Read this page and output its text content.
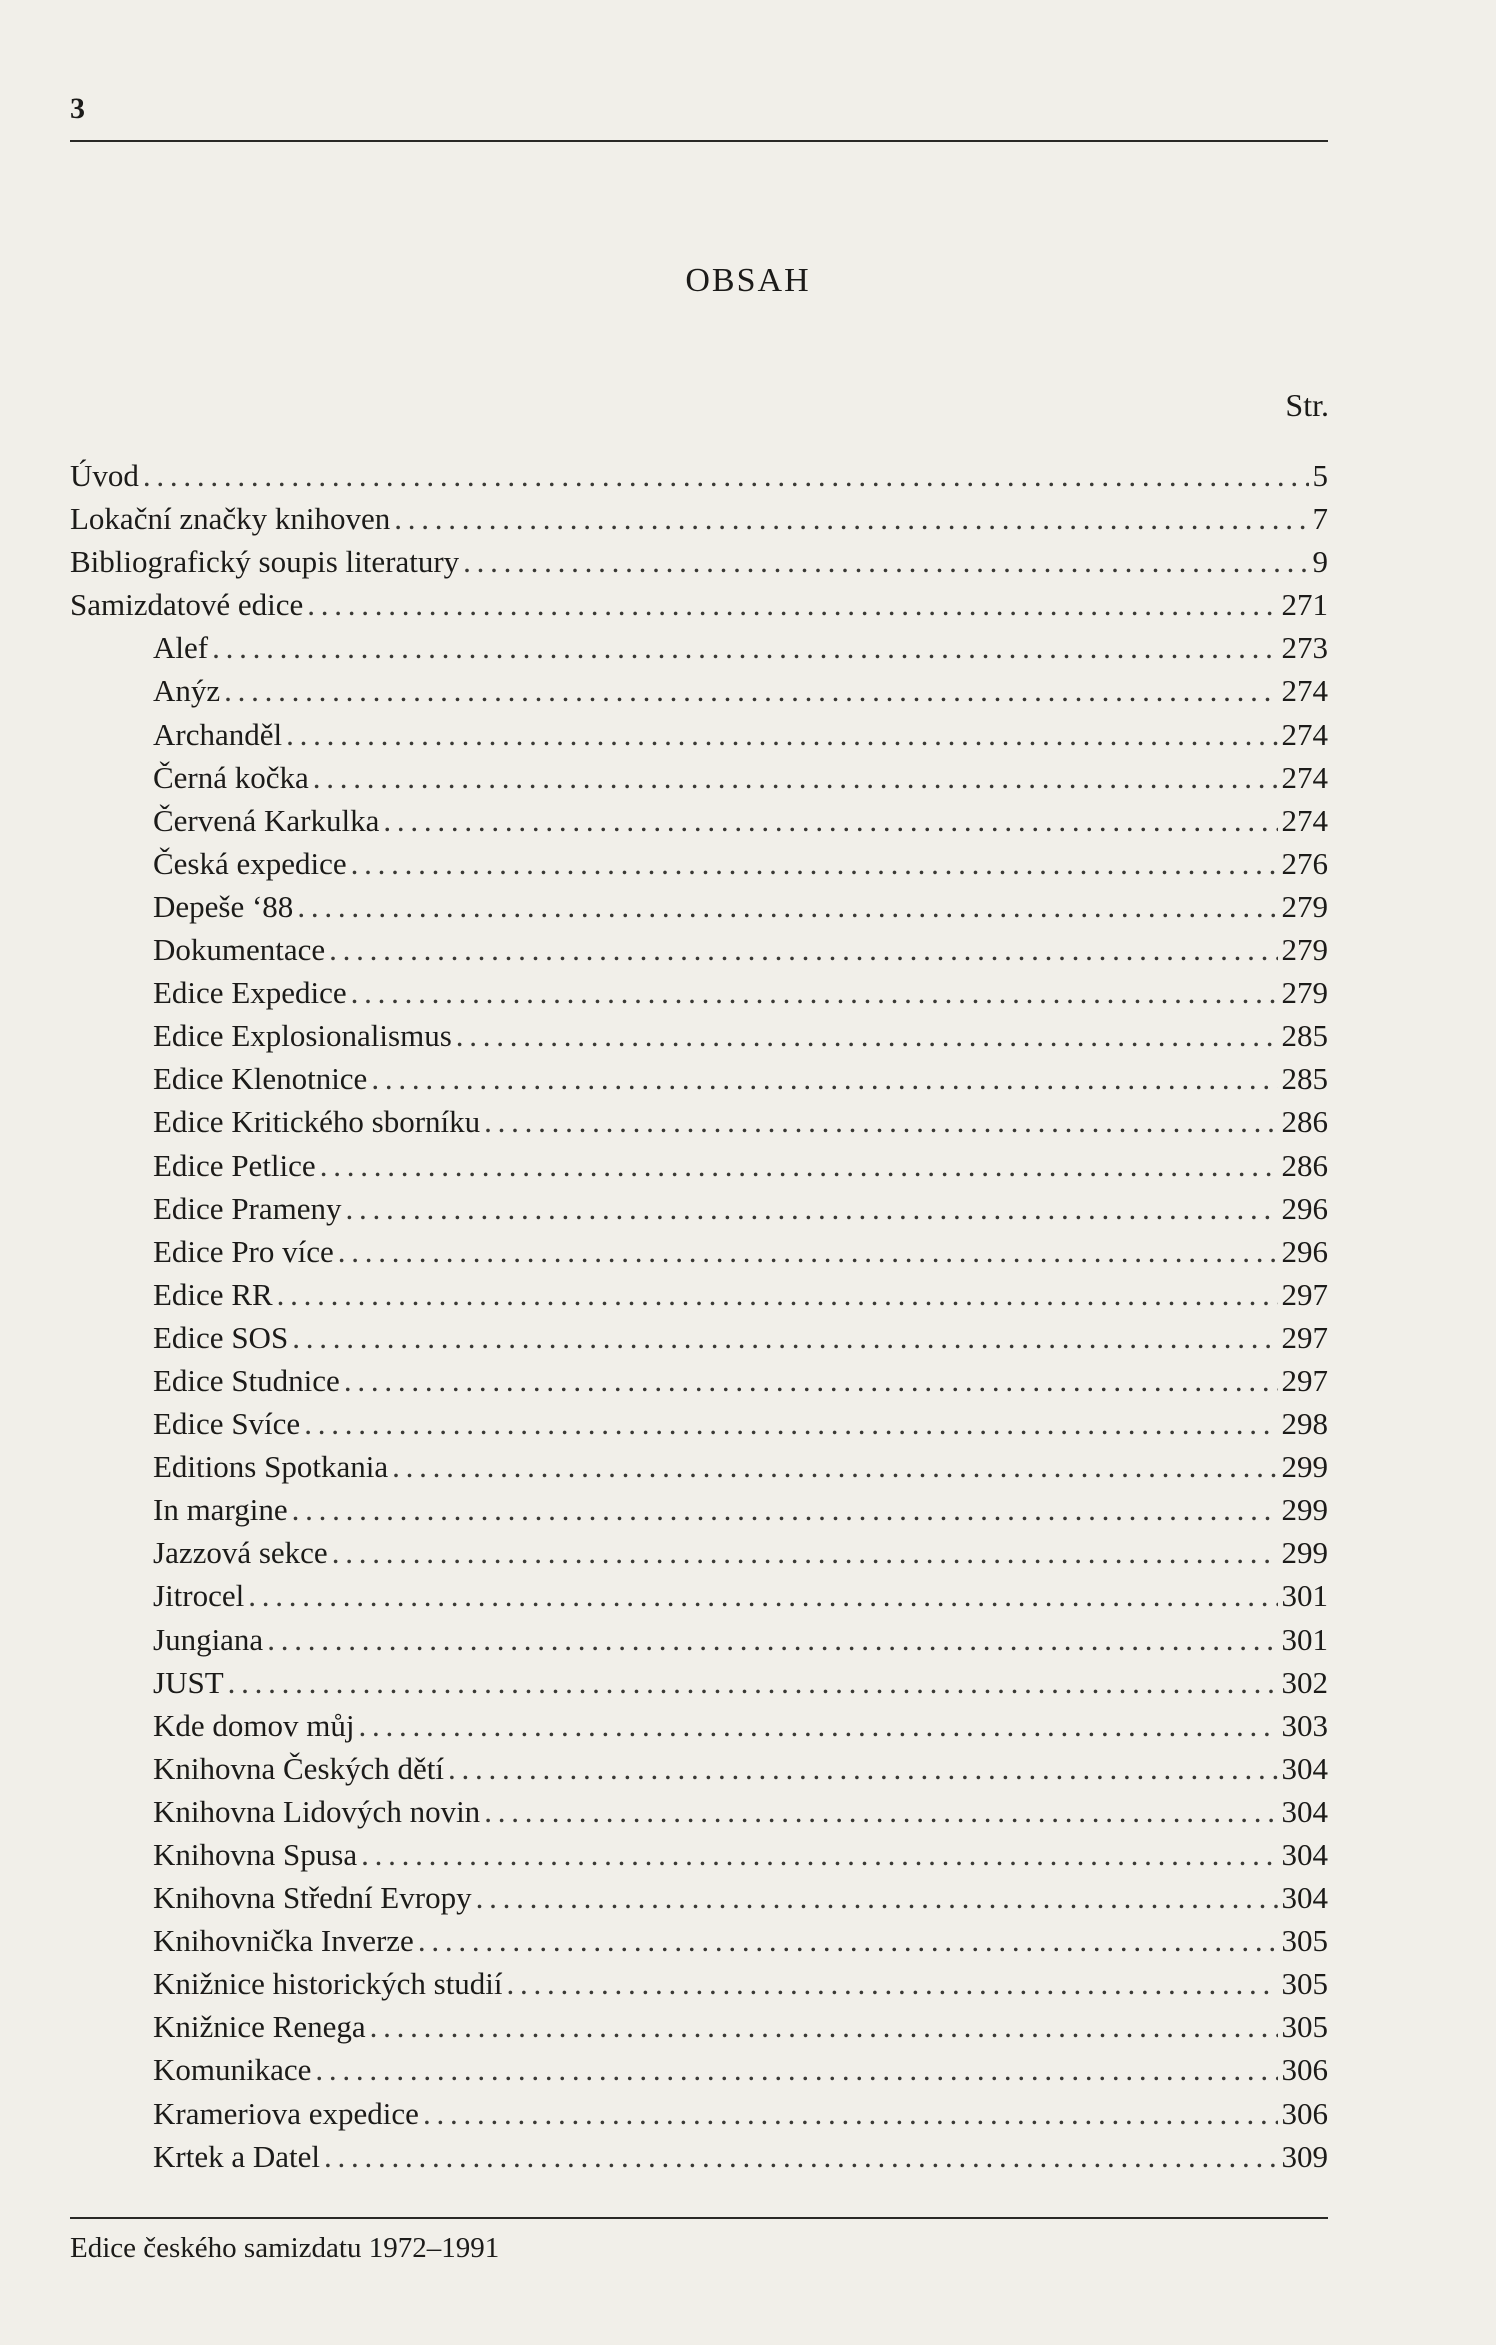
3
OBSAH
Str.
Úvod . . .	5
Lokační značky knihoven . . .	7
Bibliografický soupis literatury . . .	9
Samizdatové edice . . .	271
Alef . . .	273
Anýz . . .	274
Archanděl . . .	274
Černá kočka . . .	274
Červená Karkulka . . .	274
Česká expedice . . .	276
Depeše ‘88 . . .	279
Dokumentace . . .	279
Edice Expedice . . .	279
Edice Explosionalismus . . .	285
Edice Klenotnice . . .	285
Edice Kritického sborníku . . .	286
Edice Petlice . . .	286
Edice Prameny . . .	296
Edice Pro více . . .	296
Edice RR . . .	297
Edice SOS . . .	297
Edice Studnice . . .	297
Edice Svíce . . .	298
Editions Spotkania . . .	299
In margine . . .	299
Jazzová sekce . . .	299
Jitrocel . . .	301
Jungiana . . .	301
JUST . . .	302
Kde domov můj . . .	303
Knihovna Českých dětí . . .	304
Knihovna Lidových novin . . .	304
Knihovna Spusa . . .	304
Knihovna Střední Evropy . . .	304
Knihovnička Inverze . . .	305
Knižnice historických studií . . .	305
Knižnice Renega . . .	305
Komunikace . . .	306
Krameriova expedice . . .	306
Krtek a Datel . . .	309
Edice českého samizdatu 1972–1991
